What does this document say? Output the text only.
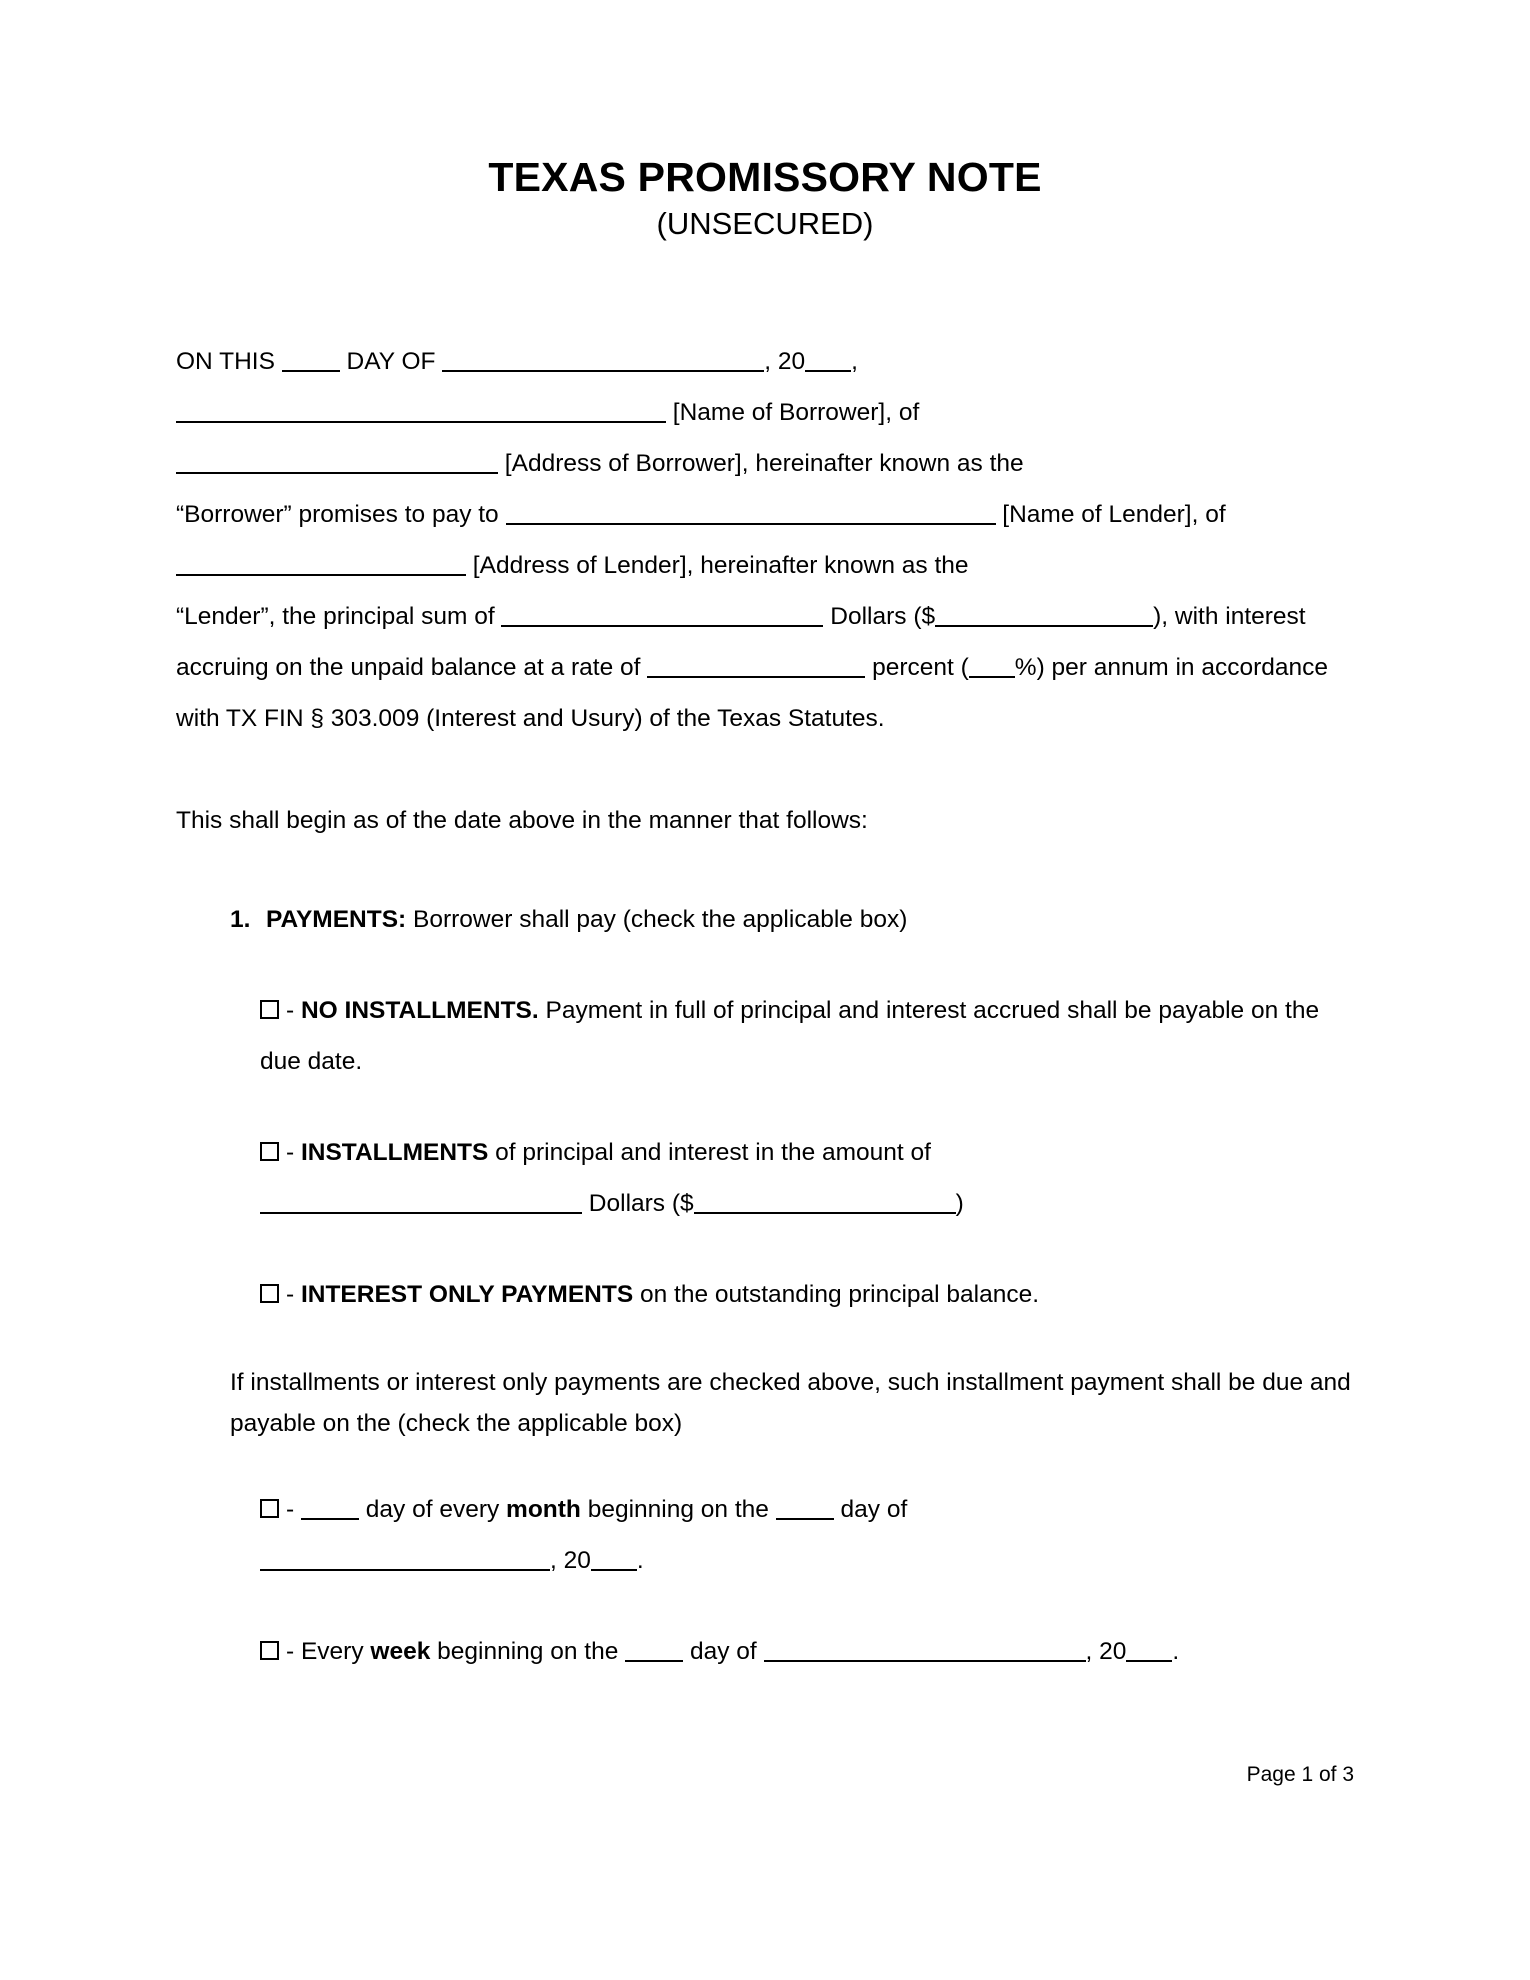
TEXAS PROMISSORY NOTE
(UNSECURED)

ON THIS  DAY OF	, 20 ,
[Name of Borrower], of
[Address of Borrower], hereinafter known as the
“Borrower” promises to pay to	[Name of Lender], of  [Address of Lender], hereinafter known as the
“Lender”, the principal sum of	Dollars ($	), with interest accruing on the unpaid balance at a rate of	percent ( %) per annum in accordance with TX FIN § 303.009 (Interest and Usury) of the Texas Statutes.

This shall begin as of the date above in the manner that follows:

1. PAYMENTS: Borrower shall pay (check the applicable box)
- NO INSTALLMENTS. Payment in full of principal and interest accrued shall be payable on the due date.
- INSTALLMENTS of principal and interest in the amount of
Dollars ($	)
- INTEREST ONLY PAYMENTS on the outstanding principal balance.

If installments or interest only payments are checked above, such installment payment shall be due and payable on the (check the applicable box)

-  day of every month beginning on the  day of
, 20 .
- Every week beginning on the  day of	, 20 .
Page 1 of 3
